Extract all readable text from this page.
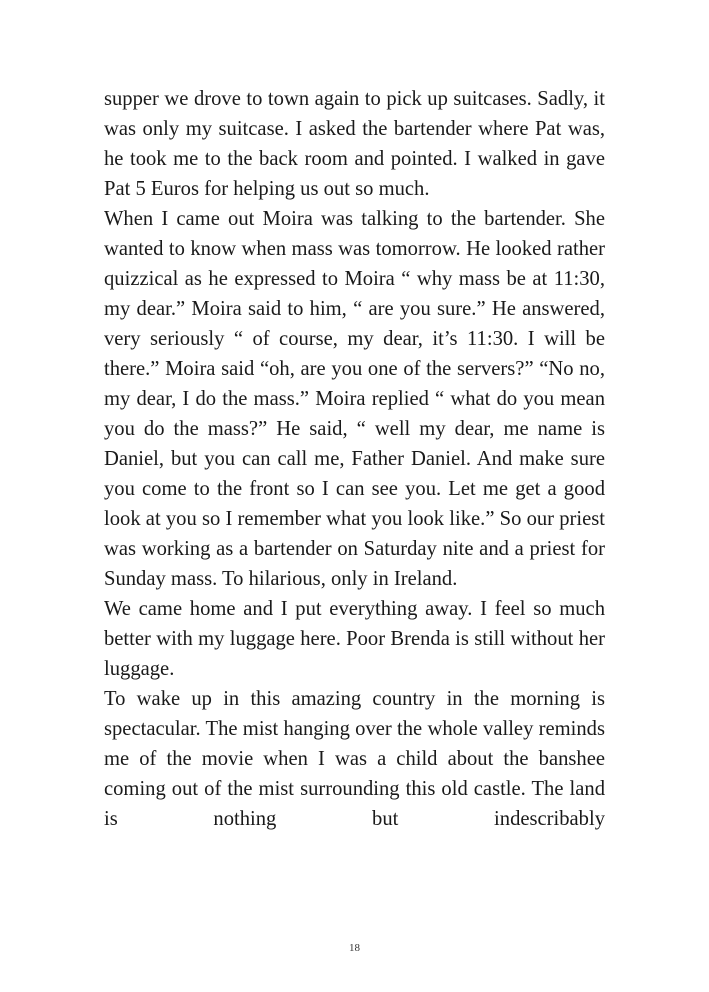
supper we drove to town again to pick up suitcases. Sadly, it was only my suitcase. I asked the bartender where Pat was, he took me to the back room and pointed. I walked in gave Pat 5 Euros for helping us out so much.

When I came out Moira was talking to the bartender. She wanted to know when mass was tomorrow. He looked rather quizzical as he expressed to Moira “ why mass be at 11:30, my dear.” Moira said to him, “ are you sure.” He answered, very seriously “ of course, my dear, it’s 11:30. I will be there.” Moira said “oh, are you one of the servers?” “No no, my dear, I do the mass.” Moira replied “ what do you mean you do the mass?” He said, “ well my dear, me name is Daniel, but you can call me, Father Daniel. And make sure you come to the front so I can see you. Let me get a good look at you so I remember what you look like.” So our priest was working as a bartender on Saturday nite and a priest for Sunday mass. To hilarious, only in Ireland.

We came home and I put everything away. I feel so much better with my luggage here. Poor Brenda is still without her luggage.

To wake up in this amazing country in the morning is spectacular. The mist hanging over the whole valley reminds me of the movie when I was a child about the banshee coming out of the mist surrounding this old castle. The land is nothing but indescribably

18
